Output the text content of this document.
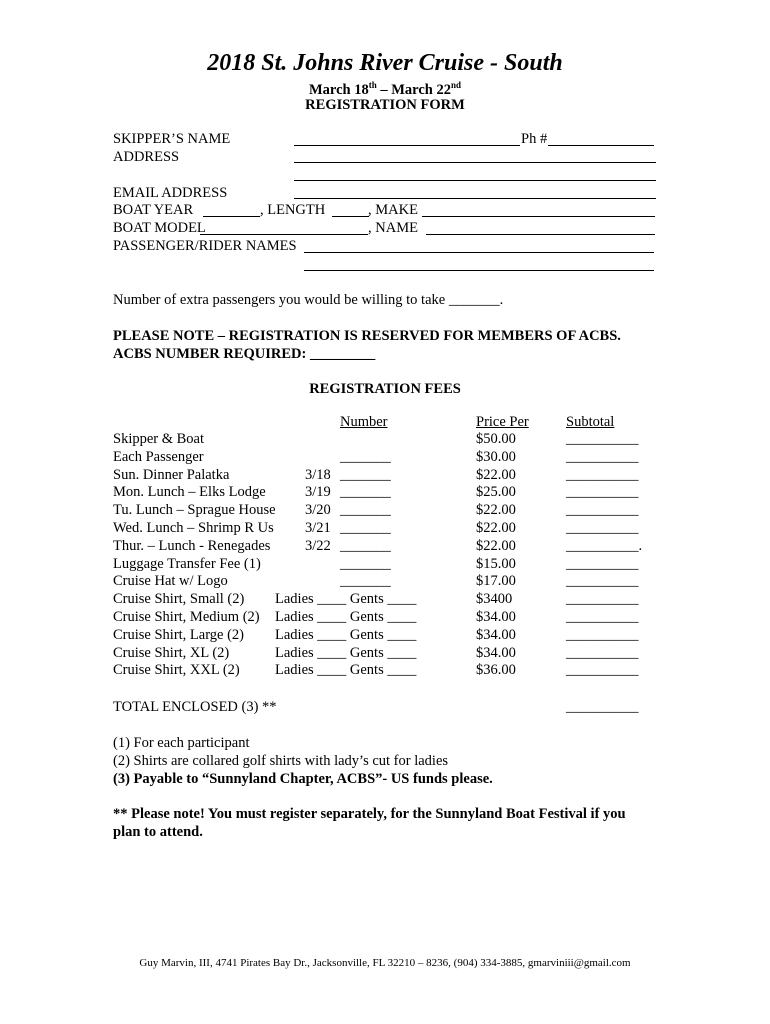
2018 St. Johns River Cruise - South
March 18th – March 22nd
REGISTRATION FORM
SKIPPER’S NAME	Ph #
ADDRESS
EMAIL ADDRESS
BOAT YEAR	, LENGTH	, MAKE
BOAT MODEL	, NAME
PASSENGER/RIDER NAMES
Number of extra passengers you would be willing to take _______.
PLEASE NOTE – REGISTRATION IS RESERVED FOR MEMBERS OF ACBS.
ACBS NUMBER REQUIRED: _________
REGISTRATION FEES
Number	Price Per	Subtotal
Skipper & Boat	$50.00	__________
Each Passenger	_______	$30.00	__________
Sun. Dinner Palatka	3/18 _______	$22.00	__________
Mon. Lunch – Elks Lodge	3/19 _______	$25.00	__________
Tu. Lunch – Sprague House 3/20 _______	$22.00	__________
Wed. Lunch – Shrimp R Us 3/21 _______	$22.00	__________
Thur. – Lunch - Renegades 3/22 _______	$22.00	__________.
Luggage Transfer Fee (1)	_______	$15.00	__________
Cruise Hat w/ Logo	_______	$17.00	__________
Cruise Shirt, Small (2) Ladies ____ Gents ____	$3400	__________
Cruise Shirt, Medium (2) Ladies ____ Gents ____	$34.00	__________
Cruise Shirt, Large (2) Ladies ____ Gents ____	$34.00	__________
Cruise Shirt, XL (2)	Ladies ____ Gents ____	$34.00	__________
Cruise Shirt, XXL (2) Ladies ____ Gents ____	$36.00	__________
TOTAL ENCLOSED (3) **	__________
(1) For each participant
(2) Shirts are collared golf shirts with lady’s cut for ladies
(3) Payable to “Sunnyland Chapter, ACBS”- US funds please.
** Please note! You must register separately, for the Sunnyland Boat Festival if you
plan to attend.
Guy Marvin, III, 4741 Pirates Bay Dr., Jacksonville, FL 32210 – 8236, (904) 334-3885, gmarviniii@gmail.com
